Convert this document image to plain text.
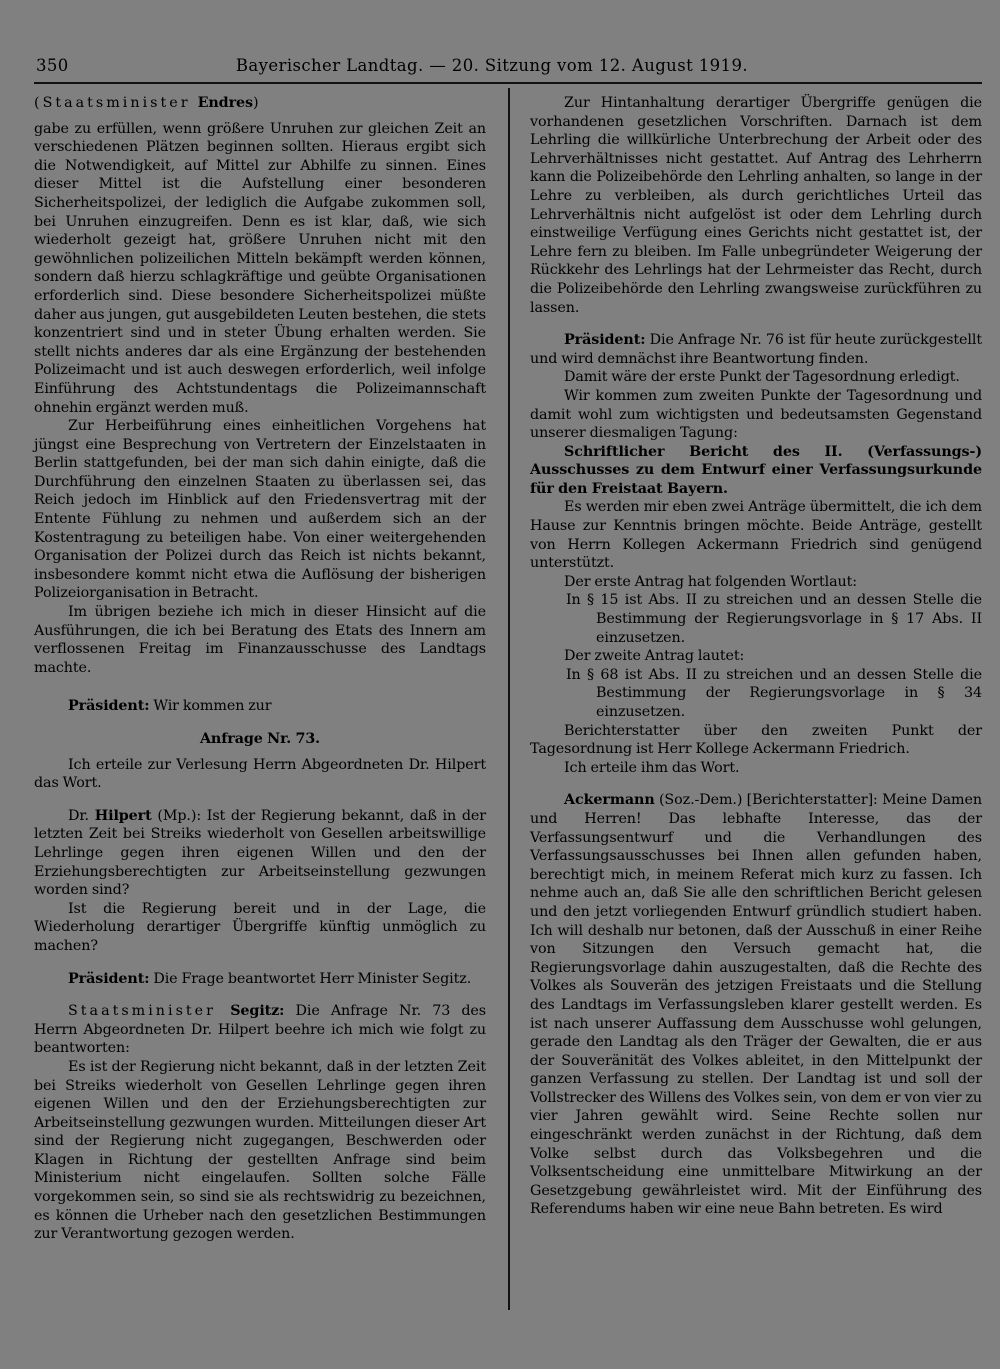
350	Bayerischer Landtag. — 20. Sitzung vom 12. August 1919.

(Staatsminister Endres)

gabe zu erfüllen, wenn größere Unruhen zur gleichen Zeit an verschiedenen Plätzen beginnen sollten. Hieraus ergibt sich die Notwendigkeit, auf Mittel zur Abhilfe zu sinnen. Eines dieser Mittel ist die Aufstellung einer besonderen Sicherheitspolizei, der lediglich die Aufgabe zukommen soll, bei Unruhen einzugreifen. Denn es ist klar, daß, wie sich wiederholt gezeigt hat, größere Unruhen nicht mit den gewöhnlichen polizeilichen Mitteln bekämpft werden können, sondern daß hierzu schlagkräftige und geübte Organisationen erforderlich sind. Diese besondere Sicherheitspolizei müßte daher aus jungen, gut ausgebildeten Leuten bestehen, die stets konzentriert sind und in steter Übung erhalten werden. Sie stellt nichts anderes dar als eine Ergänzung der bestehenden Polizeimacht und ist auch deswegen erforderlich, weil infolge Einführung des Achtstundentags die Polizeimannschaft ohnehin ergänzt werden muß.

Zur Herbeiführung eines einheitlichen Vorgehens hat jüngst eine Besprechung von Vertretern der Einzelstaaten in Berlin stattgefunden, bei der man sich dahin einigte, daß die Durchführung den einzelnen Staaten zu überlassen sei, das Reich jedoch im Hinblick auf den Friedensvertrag mit der Entente Fühlung zu nehmen und außerdem sich an der Kostentragung zu beteiligen habe. Von einer weitergehenden Organisation der Polizei durch das Reich ist nichts bekannt, insbesondere kommt nicht etwa die Auflösung der bisherigen Polizeiorganisation in Betracht.

Im übrigen beziehe ich mich in dieser Hinsicht auf die Ausführungen, die ich bei Beratung des Etats des Innern am verflossenen Freitag im Finanzausschusse des Landtags machte.

Präsident: Wir kommen zur

Anfrage Nr. 73.

Ich erteile zur Verlesung Herrn Abgeordneten Dr. Hilpert das Wort.

Dr. Hilpert (Mp.): Ist der Regierung bekannt, daß in der letzten Zeit bei Streiks wiederholt von Gesellen arbeitswillige Lehrlinge gegen ihren eigenen Willen und den der Erziehungsberechtigten zur Arbeitseinstellung gezwungen worden sind?

Ist die Regierung bereit und in der Lage, die Wiederholung derartiger Übergriffe künftig unmöglich zu machen?

Präsident: Die Frage beantwortet Herr Minister Segitz.

Staatsminister Segitz: Die Anfrage Nr. 73 des Herrn Abgeordneten Dr. Hilpert beehre ich mich wie folgt zu beantworten:

Es ist der Regierung nicht bekannt, daß in der letzten Zeit bei Streiks wiederholt von Gesellen Lehrlinge gegen ihren eigenen Willen und den der Erziehungsberechtigten zur Arbeitseinstellung gezwungen wurden. Mitteilungen dieser Art sind der Regierung nicht zugegangen, Beschwerden oder Klagen in Richtung der gestellten Anfrage sind beim Ministerium nicht eingelaufen. Sollten solche Fälle vorgekommen sein, so sind sie als rechtswidrig zu bezeichnen, es können die Urheber nach den gesetzlichen Bestimmungen zur Verantwortung gezogen werden.

Zur Hintanhaltung derartiger Übergriffe genügen die vorhandenen gesetzlichen Vorschriften. Darnach ist dem Lehrling die willkürliche Unterbrechung der Arbeit oder des Lehrverhältnisses nicht gestattet. Auf Antrag des Lehrherrn kann die Polizeibehörde den Lehrling anhalten, so lange in der Lehre zu verbleiben, als durch gerichtliches Urteil das Lehrverhältnis nicht aufgelöst ist oder dem Lehrling durch einstweilige Verfügung eines Gerichts nicht gestattet ist, der Lehre fern zu bleiben. Im Falle unbegründeter Weigerung der Rückkehr des Lehrlings hat der Lehrmeister das Recht, durch die Polizeibehörde den Lehrling zwangsweise zurückführen zu lassen.

Präsident: Die Anfrage Nr. 76 ist für heute zurückgestellt und wird demnächst ihre Beantwortung finden.

Damit wäre der erste Punkt der Tagesordnung erledigt.

Wir kommen zum zweiten Punkte der Tagesordnung und damit wohl zum wichtigsten und bedeutsamsten Gegenstand unserer diesmaligen Tagung:

Schriftlicher Bericht des II. (Verfassungs-) Ausschusses zu dem Entwurf einer Verfassungsurkunde für den Freistaat Bayern.

Es werden mir eben zwei Anträge übermittelt, die ich dem Hause zur Kenntnis bringen möchte. Beide Anträge, gestellt von Herrn Kollegen Ackermann Friedrich sind genügend unterstützt.

Der erste Antrag hat folgenden Wortlaut:

In § 15 ist Abs. II zu streichen und an dessen Stelle die Bestimmung der Regierungsvorlage in § 17 Abs. II einzusetzen.

Der zweite Antrag lautet:

In § 68 ist Abs. II zu streichen und an dessen Stelle die Bestimmung der Regierungsvorlage in § 34 einzusetzen.

Berichterstatter über den zweiten Punkt der Tagesordnung ist Herr Kollege Ackermann Friedrich.

Ich erteile ihm das Wort.

Ackermann (Soz.-Dem.) [Berichterstatter]: Meine Damen und Herren! Das lebhafte Interesse, das der Verfassungsentwurf und die Verhandlungen des Verfassungsausschusses bei Ihnen allen gefunden haben, berechtigt mich, in meinem Referat mich kurz zu fassen. Ich nehme auch an, daß Sie alle den schriftlichen Bericht gelesen und den jetzt vorliegenden Entwurf gründlich studiert haben. Ich will deshalb nur betonen, daß der Ausschuß in einer Reihe von Sitzungen den Versuch gemacht hat, die Regierungsvorlage dahin auszugestalten, daß die Rechte des Volkes als Souverän des jetzigen Freistaats und die Stellung des Landtags im Verfassungsleben klarer gestellt werden. Es ist nach unserer Auffassung dem Ausschusse wohl gelungen, gerade den Landtag als den Träger der Gewalten, die er aus der Souveränität des Volkes ableitet, in den Mittelpunkt der ganzen Verfassung zu stellen. Der Landtag ist und soll der Vollstrecker des Willens des Volkes sein, von dem er von vier zu vier Jahren gewählt wird. Seine Rechte sollen nur eingeschränkt werden zunächst in der Richtung, daß dem Volke selbst durch das Volksbegehren und die Volksentscheidung eine unmittelbare Mitwirkung an der Gesetzgebung gewährleistet wird. Mit der Einführung des Referendums haben wir eine neue Bahn betreten. Es wird
